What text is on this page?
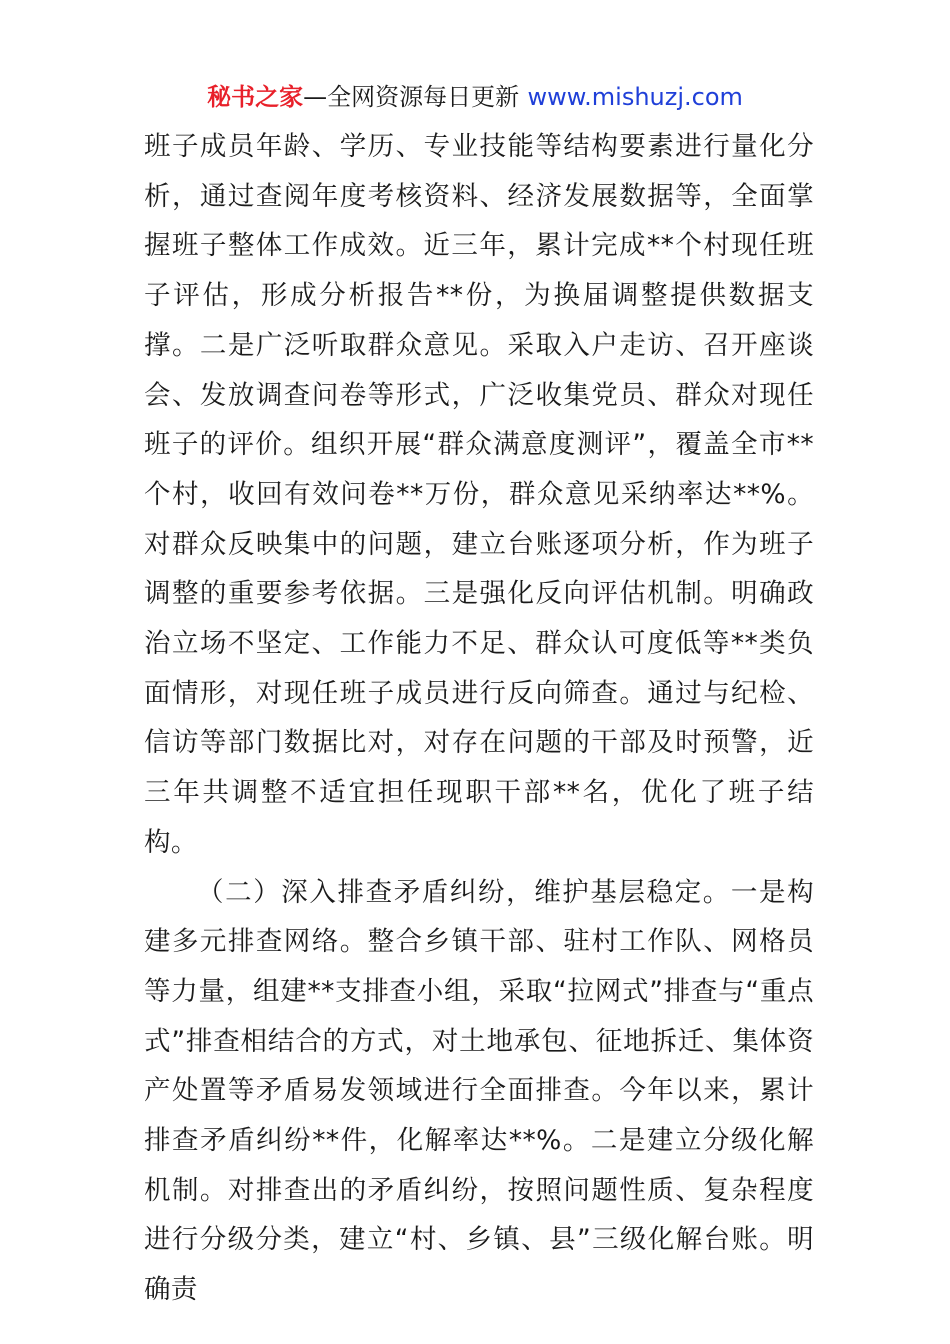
秘书之家—全网资源每日更新 www.mishuzj.com

班子成员年龄、学历、专业技能等结构要素进行量化分析，通过查阅年度考核资料、经济发展数据等，全面掌握班子整体工作成效。近三年，累计完成**个村现任班子评估，形成分析报告**份，为换届调整提供数据支撑。二是广泛听取群众意见。采取入户走访、召开座谈会、发放调查问卷等形式，广泛收集党员、群众对现任班子的评价。组织开展“群众满意度测评”，覆盖全市**个村，收回有效问卷**万份，群众意见采纳率达**%。对群众反映集中的问题，建立台账逐项分析，作为班子调整的重要参考依据。三是强化反向评估机制。明确政治立场不坚定、工作能力不足、群众认可度低等**类负面情形，对现任班子成员进行反向筛查。通过与纪检、信访等部门数据比对，对存在问题的干部及时预警，近三年共调整不适宜担任现职干部**名，优化了班子结构。

（二）深入排查矛盾纠纷，维护基层稳定。一是构建多元排查网络。整合乡镇干部、驻村工作队、网格员等力量，组建**支排查小组，采取“拉网式”排查与“重点式”排查相结合的方式，对土地承包、征地拆迁、集体资产处置等矛盾易发领域进行全面排查。今年以来，累计排查矛盾纠纷**件，化解率达**%。二是建立分级化解机制。对排查出的矛盾纠纷，按照问题性质、复杂程度进行分级分类，建立“村、乡镇、县”三级化解台账。明确责
